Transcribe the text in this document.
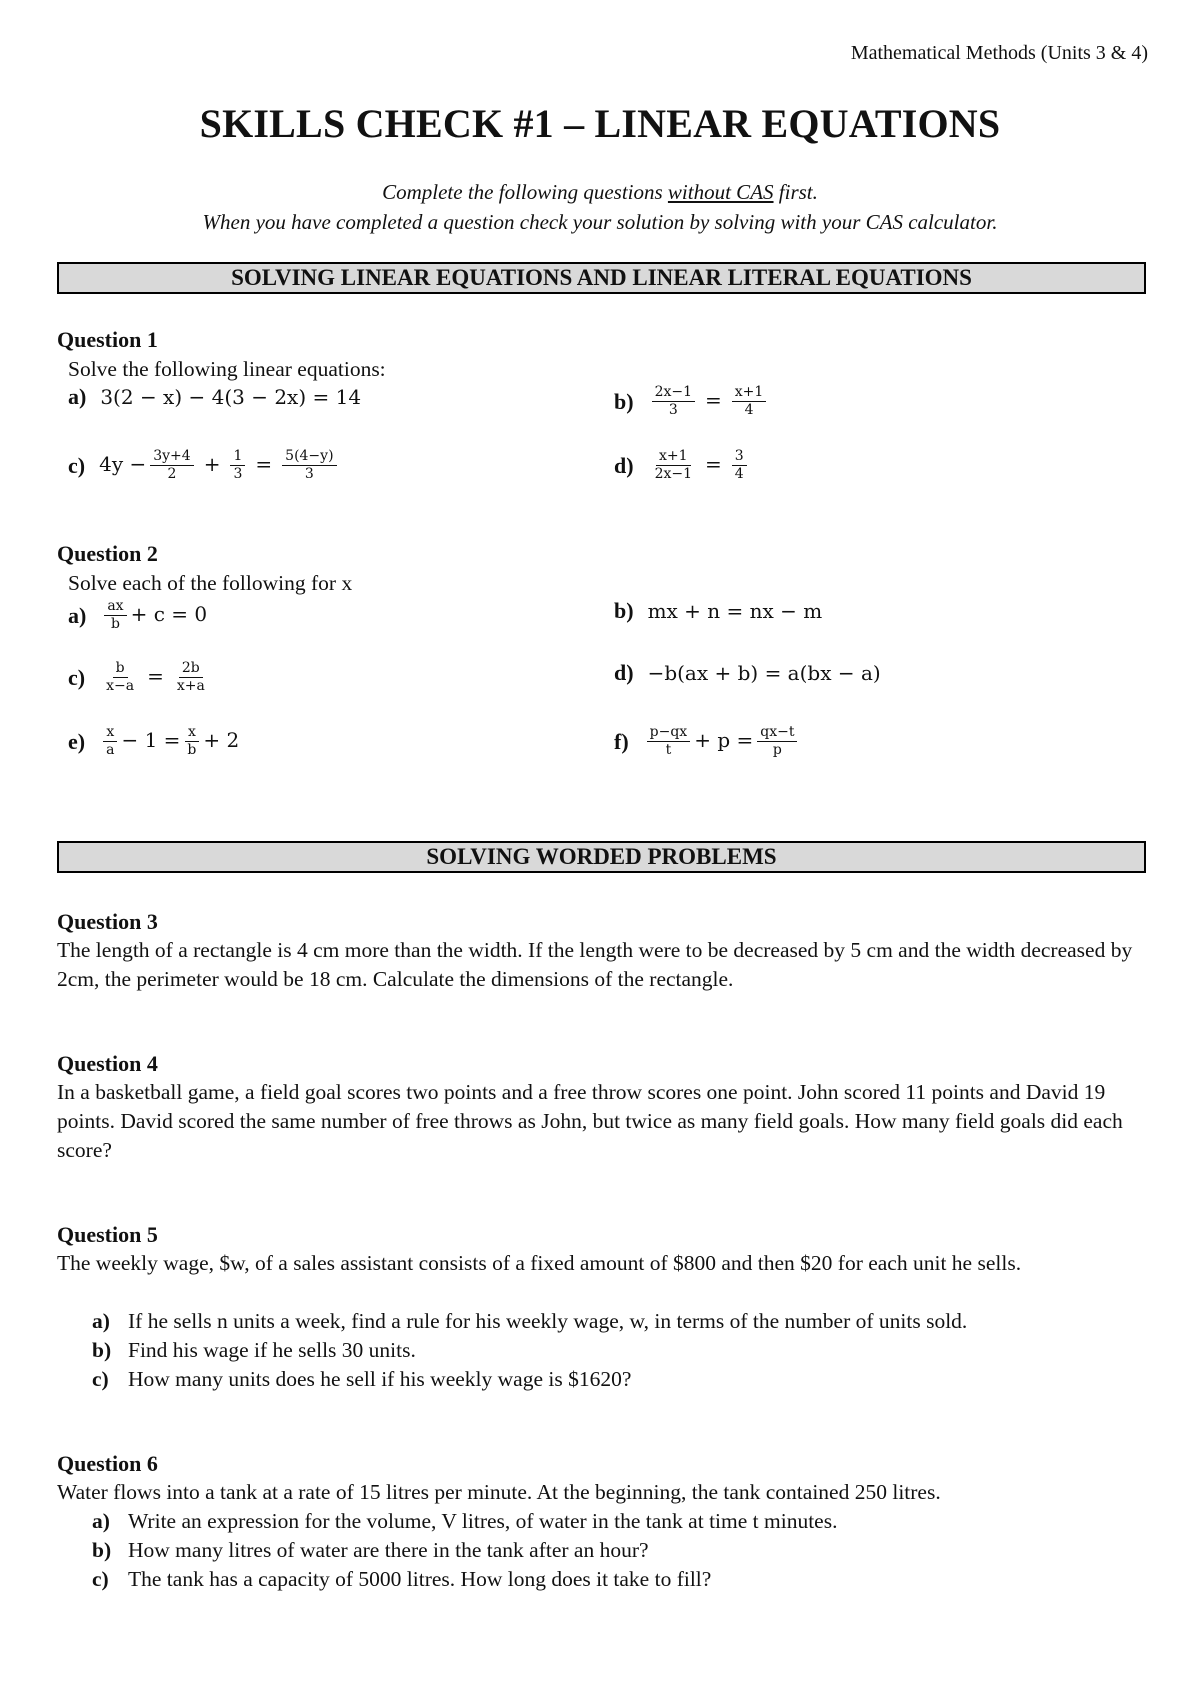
Mathematical Methods (Units 3 & 4)
SKILLS CHECK #1 – LINEAR EQUATIONS
Complete the following questions without CAS first.
When you have completed a question check your solution by solving with your CAS calculator.
SOLVING LINEAR EQUATIONS AND LINEAR LITERAL EQUATIONS
Question 1
Solve the following linear equations:
a) 3(2 − x) − 4(3 − 2x) = 14	$b) \frac{2x-1}{3} = \frac{x+1}{4}$
c) $4y - \frac{3y+4}{2} + \frac{1}{3} = \frac{5(4-y)}{3}$	$d) \frac{x+1}{2x-1} = \frac{3}{4}$
Question 2
Solve each of the following for x
$a) \frac{ax}{b} + c = 0$	b) mx + n = nx − m
$c) \frac{b}{x-a} = \frac{2b}{x+a}$	d) −b(ax + b) = a(bx − a)
$e) \frac{x}{a} - 1 = \frac{x}{b} + 2$	$f) \frac{p-qx}{t} + p = \frac{qx-t}{p}$
SOLVING WORDED PROBLEMS
Question 3
The length of a rectangle is 4 cm more than the width. If the length were to be decreased by 5 cm and the width decreased by 2cm, the perimeter would be 18 cm. Calculate the dimensions of the rectangle.
Question 4
In a basketball game, a field goal scores two points and a free throw scores one point. John scored 11 points and David 19 points. David scored the same number of free throws as John, but twice as many field goals. How many field goals did each score?
Question 5
The weekly wage, $w, of a sales assistant consists of a fixed amount of $800 and then $20 for each unit he sells.
a) If he sells n units a week, find a rule for his weekly wage, w, in terms of the number of units sold.
b) Find his wage if he sells 30 units.
c) How many units does he sell if his weekly wage is $1620?
Question 6
Water flows into a tank at a rate of 15 litres per minute. At the beginning, the tank contained 250 litres.
a) Write an expression for the volume, V litres, of water in the tank at time t minutes.
b) How many litres of water are there in the tank after an hour?
c) The tank has a capacity of 5000 litres. How long does it take to fill?
